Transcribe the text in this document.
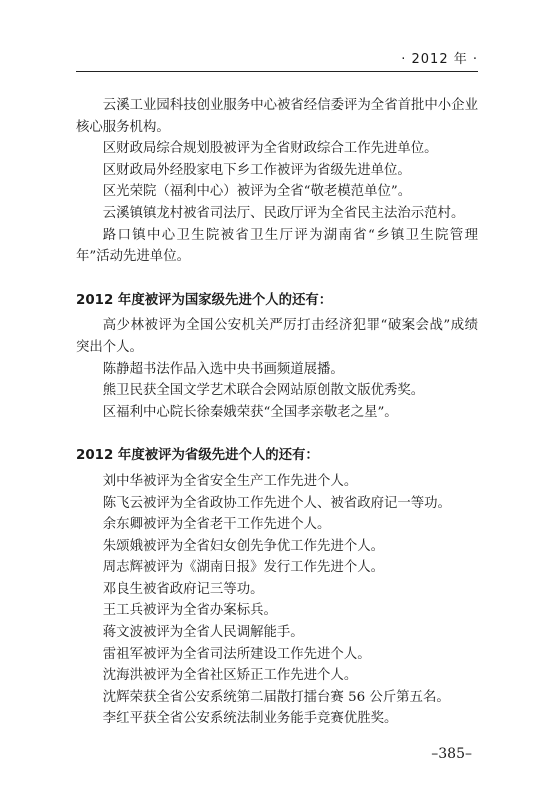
· 2012 年 ·

云溪工业园科技创业服务中心被省经信委评为全省首批中小企业核心服务机构。

区财政局综合规划股被评为全省财政综合工作先进单位。

区财政局外经股家电下乡工作被评为省级先进单位。

区光荣院（福利中心）被评为全省“敬老模范单位”。

云溪镇镇龙村被省司法厅、民政厅评为全省民主法治示范村。

路口镇中心卫生院被省卫生厅评为湖南省“乡镇卫生院管理年”活动先进单位。

2012 年度被评为国家级先进个人的还有：

高少林被评为全国公安机关严厉打击经济犯罪“破案会战”成绩突出个人。

陈静超书法作品入选中央书画频道展播。

熊卫民获全国文学艺术联合会网站原创散文版优秀奖。

区福利中心院长徐秦娥荣获“全国孝亲敬老之星”。

2012 年度被评为省级先进个人的还有：

刘中华被评为全省安全生产工作先进个人。

陈飞云被评为全省政协工作先进个人、被省政府记一等功。

余东卿被评为全省老干工作先进个人。

朱颂娥被评为全省妇女创先争优工作先进个人。

周志辉被评为《湖南日报》发行工作先进个人。

邓良生被省政府记三等功。

王工兵被评为全省办案标兵。

蒋文波被评为全省人民调解能手。

雷祖军被评为全省司法所建设工作先进个人。

沈海洪被评为全省社区矫正工作先进个人。

沈辉荣获全省公安系统第二届散打擂台赛 56 公斤第五名。

李红平获全省公安系统法制业务能手竞赛优胜奖。

–385–
